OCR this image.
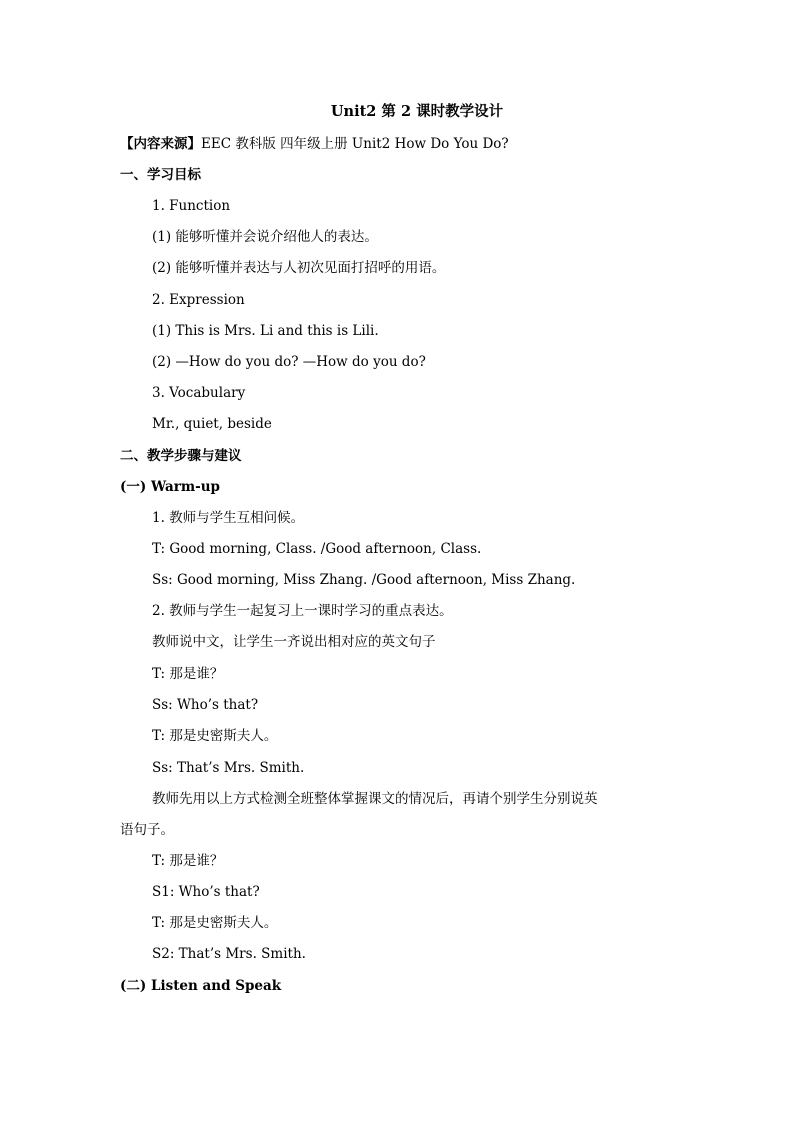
Unit2 第 2 课时教学设计
【内容来源】EEC 教科版 四年级上册 Unit2 How Do You Do?
一、学习目标
1. Function
(1) 能够听懂并会说介绍他人的表达。
(2) 能够听懂并表达与人初次见面打招呼的用语。
2. Expression
(1) This is Mrs. Li and this is Lili.
(2) —How do you do? —How do you do?
3. Vocabulary
Mr., quiet, beside
二、教学步骤与建议
(一) Warm-up
1. 教师与学生互相问候。
T: Good morning, Class. /Good afternoon, Class.
Ss: Good morning, Miss Zhang. /Good afternoon, Miss Zhang.
2. 教师与学生一起复习上一课时学习的重点表达。
教师说中文，让学生一齐说出相对应的英文句子
T: 那是谁？
Ss: Who’s that?
T: 那是史密斯夫人。
Ss: That’s Mrs. Smith.
教师先用以上方式检测全班整体掌握课文的情况后，再请个别学生分别说英
语句子。
T: 那是谁？
S1: Who’s that?
T: 那是史密斯夫人。
S2: That’s Mrs. Smith.
(二) Listen and Speak
